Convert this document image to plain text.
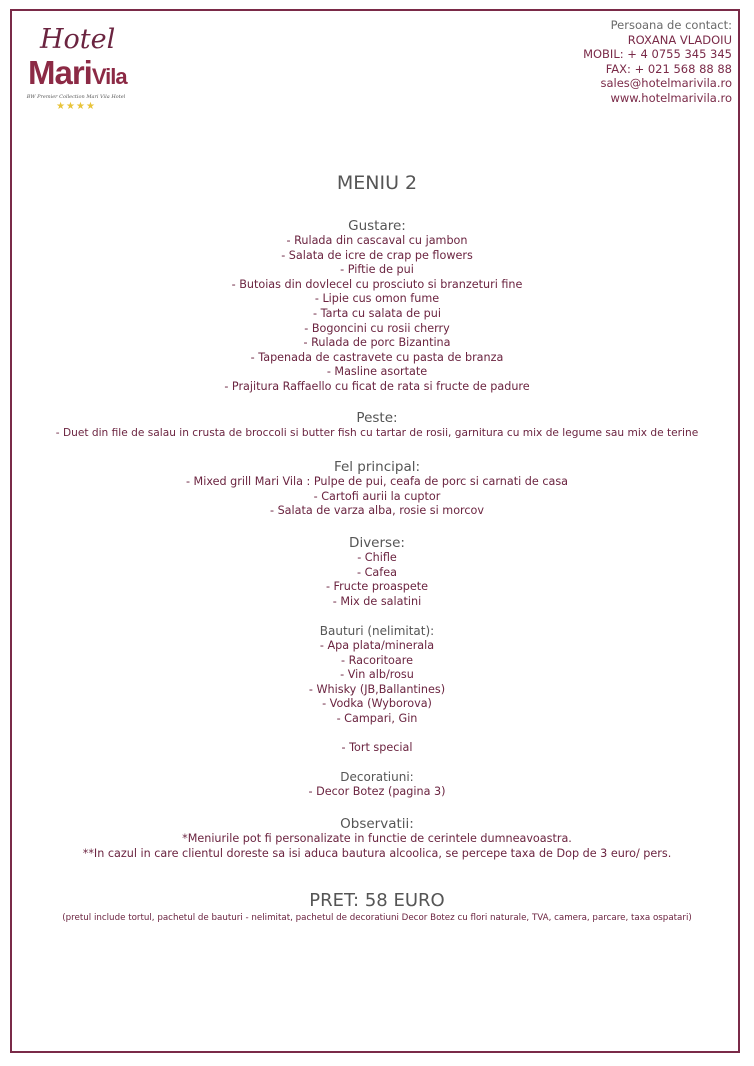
Hotel
MariVila
BW Premier Collection Mari Vila Hotel
★★★★
Persoana de contact:
ROXANA VLADOIU
MOBIL: + 4 0755 345 345
FAX: + 021 568 88 88
sales@hotelmarivila.ro
www.hotelmarivila.ro
MENIU 2
Gustare:
- Rulada din cascaval cu jambon
- Salata de icre de crap pe flowers
- Piftie de pui
- Butoias din dovlecel cu prosciuto si branzeturi fine
- Lipie cus omon fume
- Tarta cu salata de pui
- Bogoncini cu rosii cherry
- Rulada de porc Bizantina
- Tapenada de castravete cu pasta de branza
- Masline asortate
- Prajitura Raffaello cu ficat de rata si fructe de padure
Peste:
- Duet din file de salau in crusta de broccoli si butter fish cu tartar de rosii, garnitura cu mix de legume sau mix de terine
Fel principal:
- Mixed grill Mari Vila : Pulpe de pui, ceafa de porc si carnati de casa
- Cartofi aurii la cuptor
- Salata de varza alba, rosie si morcov
Diverse:
- Chifle
- Cafea
- Fructe proaspete
- Mix de salatini
Bauturi (nelimitat):
- Apa plata/minerala
- Racoritoare
- Vin alb/rosu
- Whisky (JB,Ballantines)
- Vodka (Wyborova)
- Campari, Gin
- Tort special
Decoratiuni:
- Decor Botez (pagina 3)
Observatii:
*Meniurile pot fi personalizate in functie de cerintele dumneavoastra.
**In cazul in care clientul doreste sa isi aduca bautura alcoolica, se percepe taxa de Dop de 3 euro/ pers.
PRET: 58 EURO
(pretul include tortul, pachetul de bauturi - nelimitat, pachetul de decoratiuni Decor Botez cu flori naturale, TVA, camera, parcare, taxa ospatari)
